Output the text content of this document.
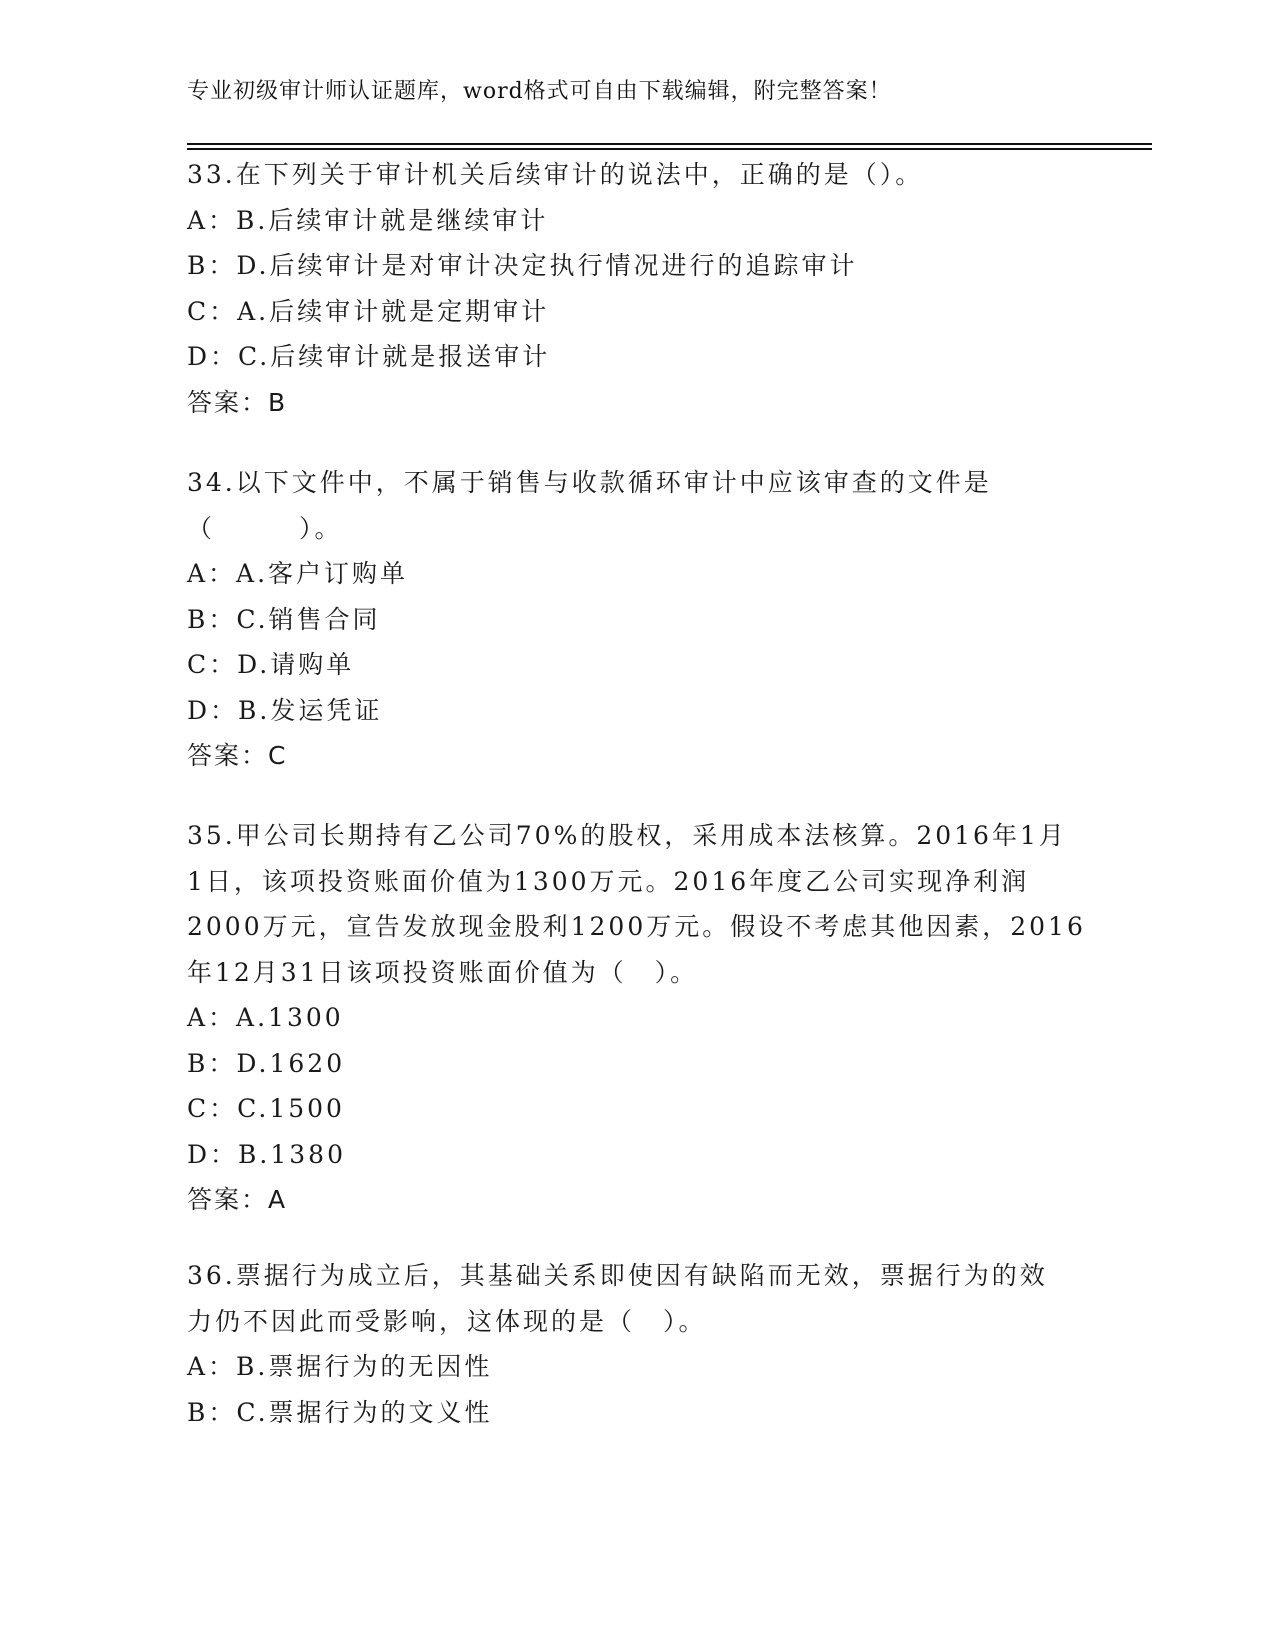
专业初级审计师认证题库，word格式可自由下载编辑，附完整答案！
33.在下列关于审计机关后续审计的说法中，正确的是（）。
A：B.后续审计就是继续审计
B：D.后续审计是对审计决定执行情况进行的追踪审计
C：A.后续审计就是定期审计
D：C.后续审计就是报送审计
答案：B
34.以下文件中，不属于销售与收款循环审计中应该审查的文件是
（　　　）。
A：A.客户订购单
B：C.销售合同
C：D.请购单
D：B.发运凭证
答案：C
35.甲公司长期持有乙公司70%的股权，采用成本法核算。2016年1月
1日，该项投资账面价值为1300万元。2016年度乙公司实现净利润
2000万元，宣告发放现金股利1200万元。假设不考虑其他因素，2016
年12月31日该项投资账面价值为（　）。
A：A.1300
B：D.1620
C：C.1500
D：B.1380
答案：A
36.票据行为成立后，其基础关系即使因有缺陷而无效，票据行为的效
力仍不因此而受影响，这体现的是（　）。
A：B.票据行为的无因性
B：C.票据行为的文义性
